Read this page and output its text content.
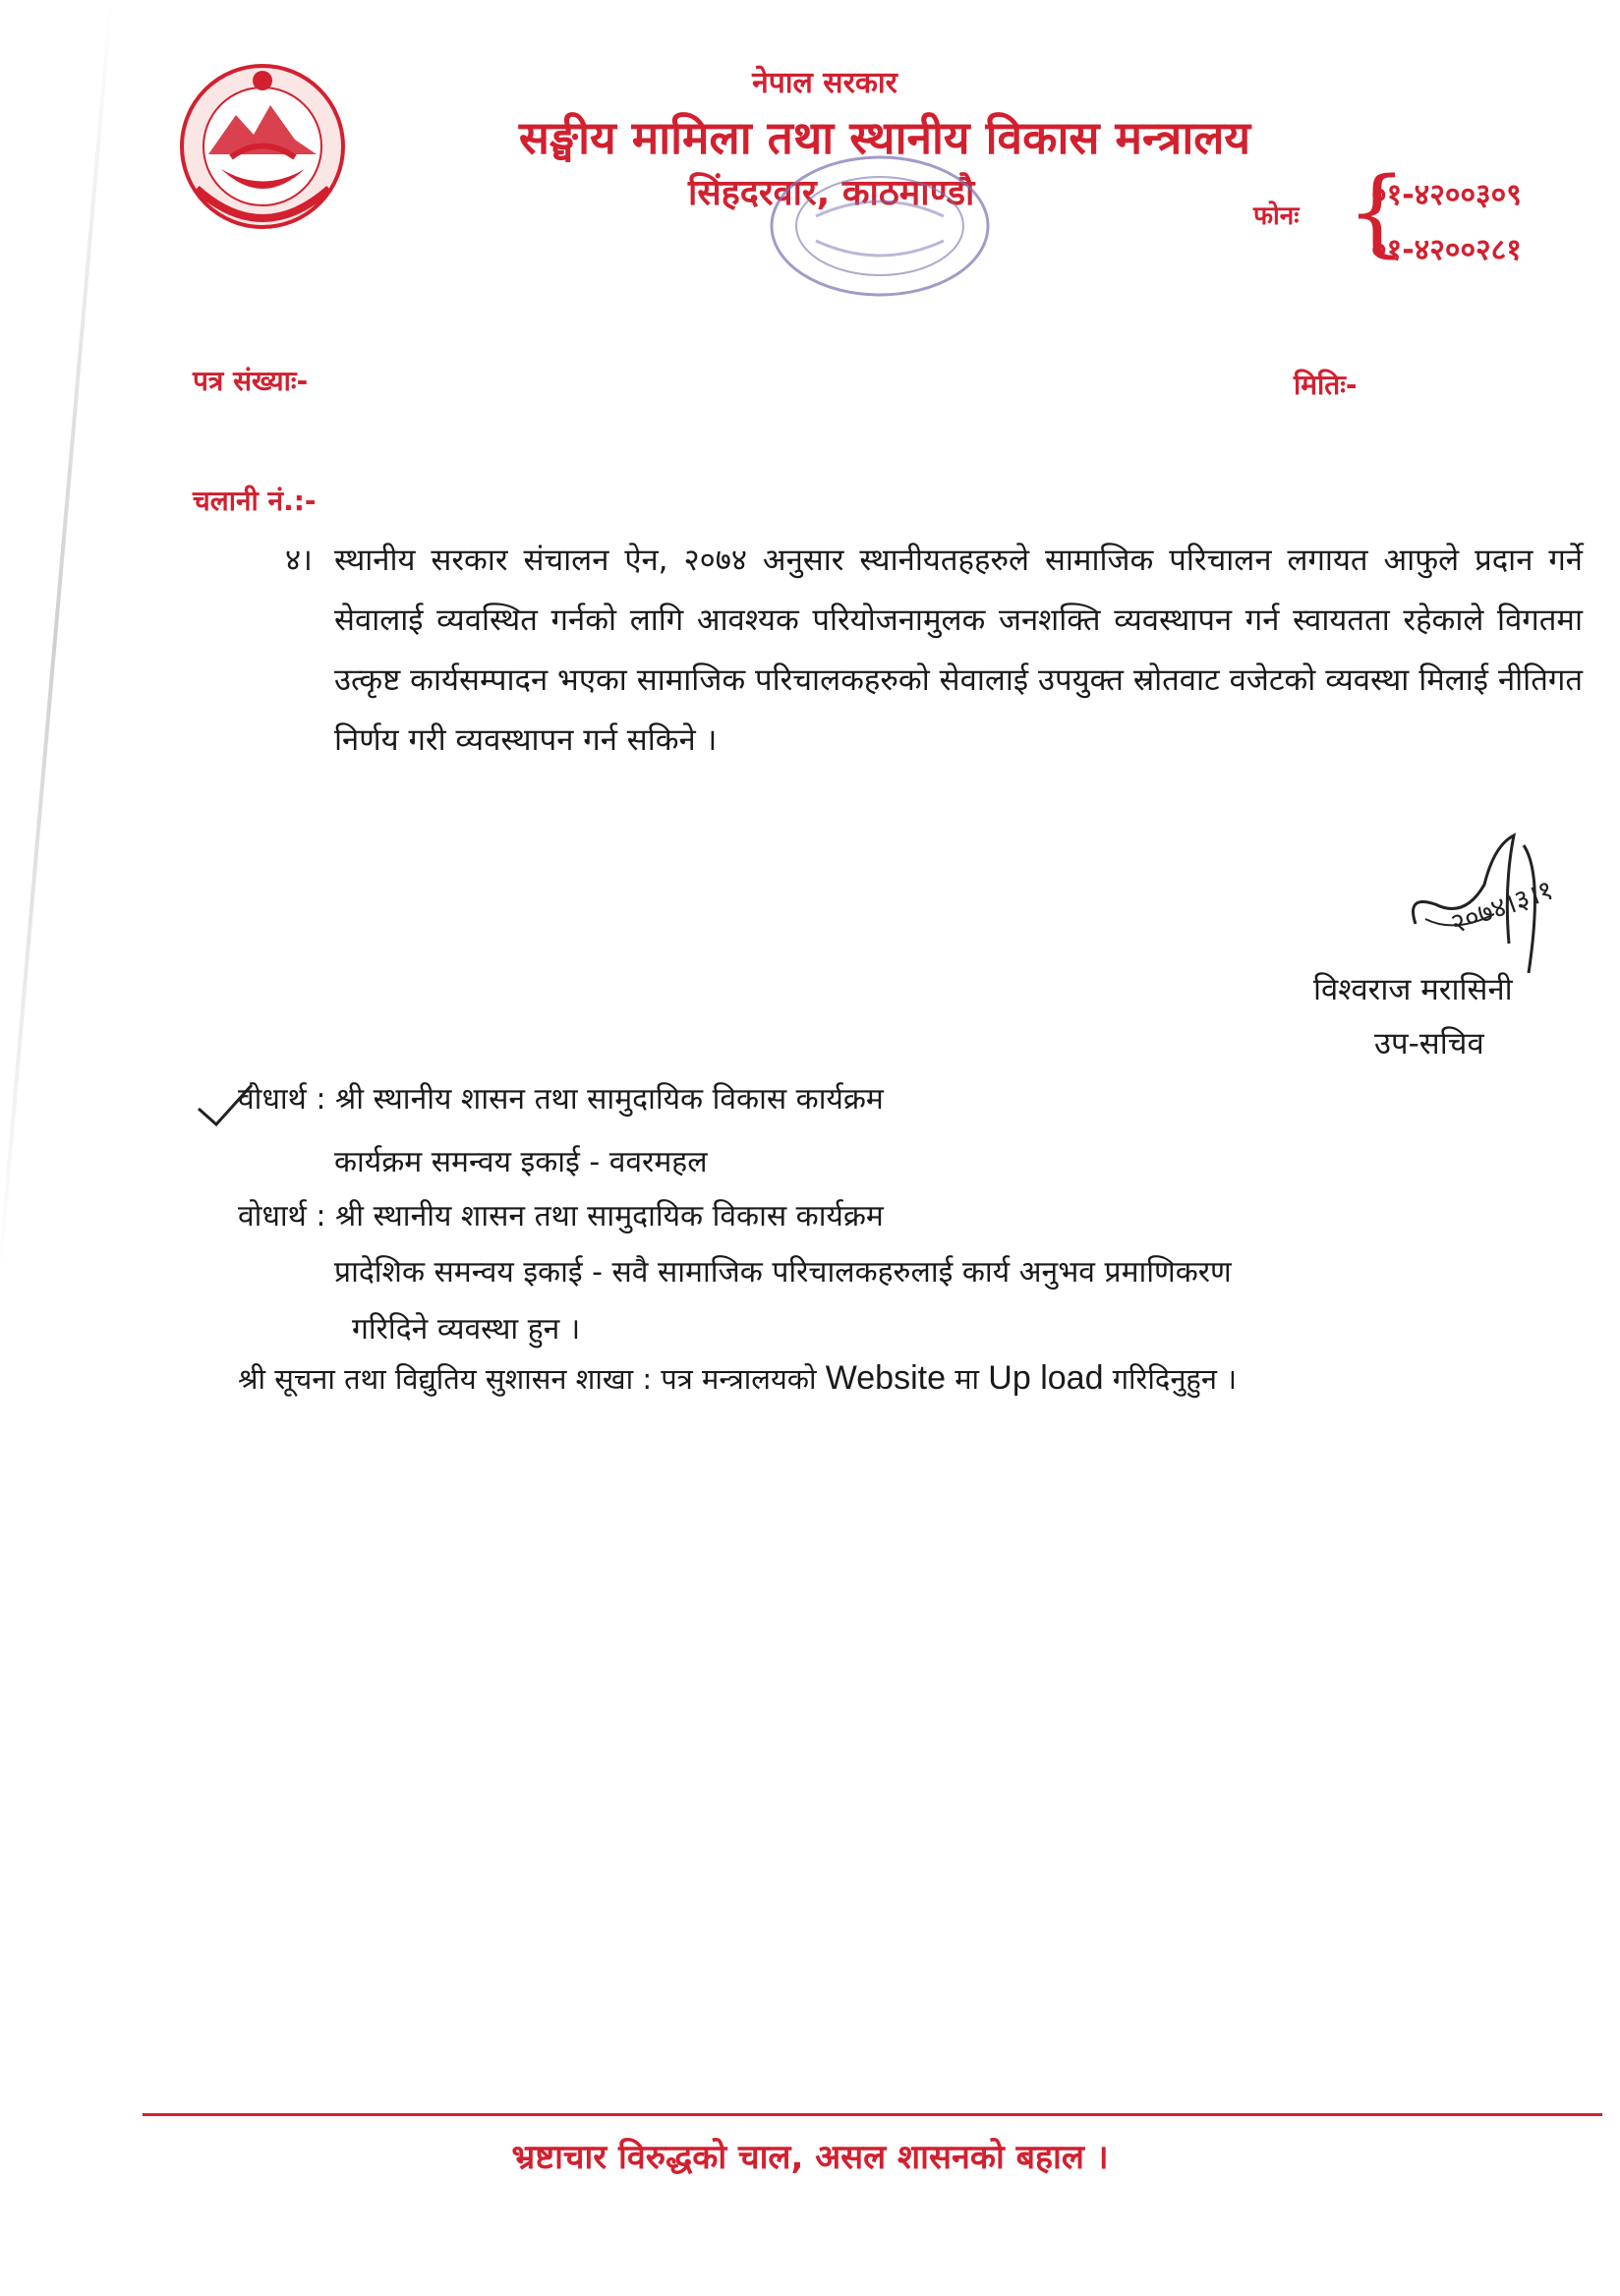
नेपाल सरकार
सङ्घीय मामिला तथा स्थानीय विकास मन्त्रालय
सिंहदरवार, काठमाण्डौ
फोनः {
०१-४२००३०९
०१-४२००२८१
पत्र संख्याः-	मितिः-
चलानी नं.:-
४। स्थानीय सरकार संचालन ऐन, २०७४ अनुसार स्थानीयतहहरुले सामाजिक परिचालन लगायत आफुले प्रदान गर्ने सेवालाई व्यवस्थित गर्नको लागि आवश्यक परियोजनामुलक जनशक्ति व्यवस्थापन गर्न स्वायतता रहेकाले विगतमा उत्कृष्ट कार्यसम्पादन भएका सामाजिक परिचालकहरुको सेवालाई उपयुक्त स्रोतवाट वजेटको व्यवस्था मिलाई नीतिगत निर्णय गरी व्यवस्थापन गर्न सकिने ।
२०७४।३।१
विश्वराज मरासिनी
उप-सचिव
वोधार्थ : श्री स्थानीय शासन तथा सामुदायिक विकास कार्यक्रम
कार्यक्रम समन्वय इकाई - ववरमहल
वोधार्थ : श्री स्थानीय शासन तथा सामुदायिक विकास कार्यक्रम
प्रादेशिक समन्वय इकाई - सवै सामाजिक परिचालकहरुलाई कार्य अनुभव प्रमाणिकरण
गरिदिने व्यवस्था हुन ।
श्री सूचना तथा विद्युतिय सुशासन शाखा : पत्र मन्त्रालयको Website मा Up load गरिदिनुहुन ।
भ्रष्टाचार विरुद्धको चाल, असल शासनको बहाल ।
